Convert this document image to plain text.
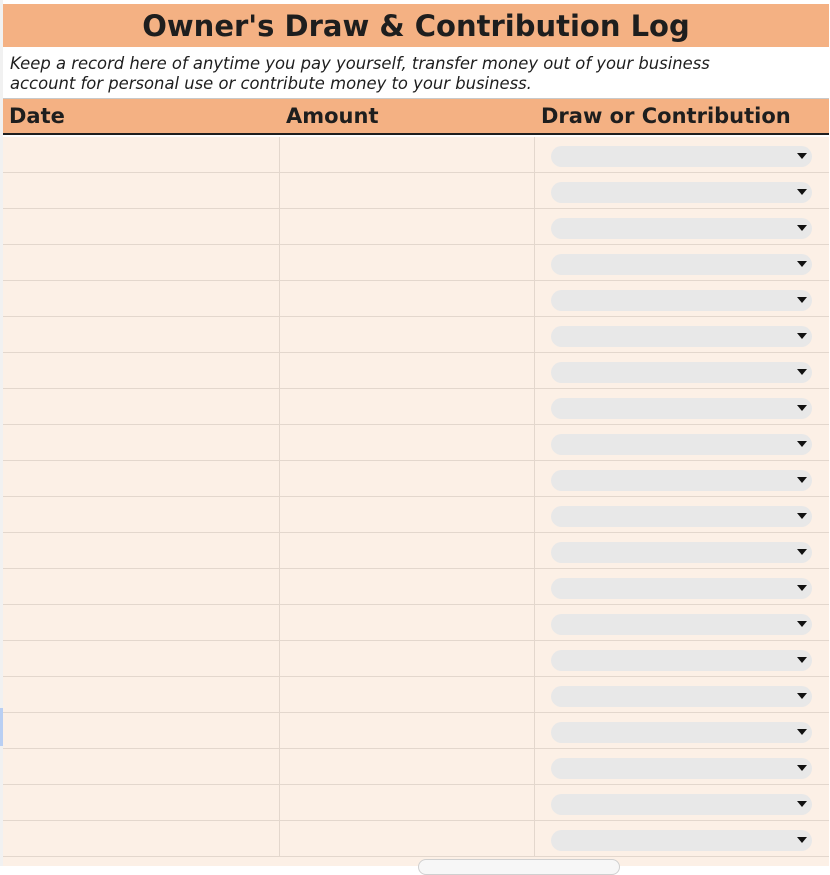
Owner's Draw & Contribution Log
Keep a record here of anytime you pay yourself, transfer money out of your business
account for personal use or contribute money to your business.
Date	Amount	Draw or Contribution
